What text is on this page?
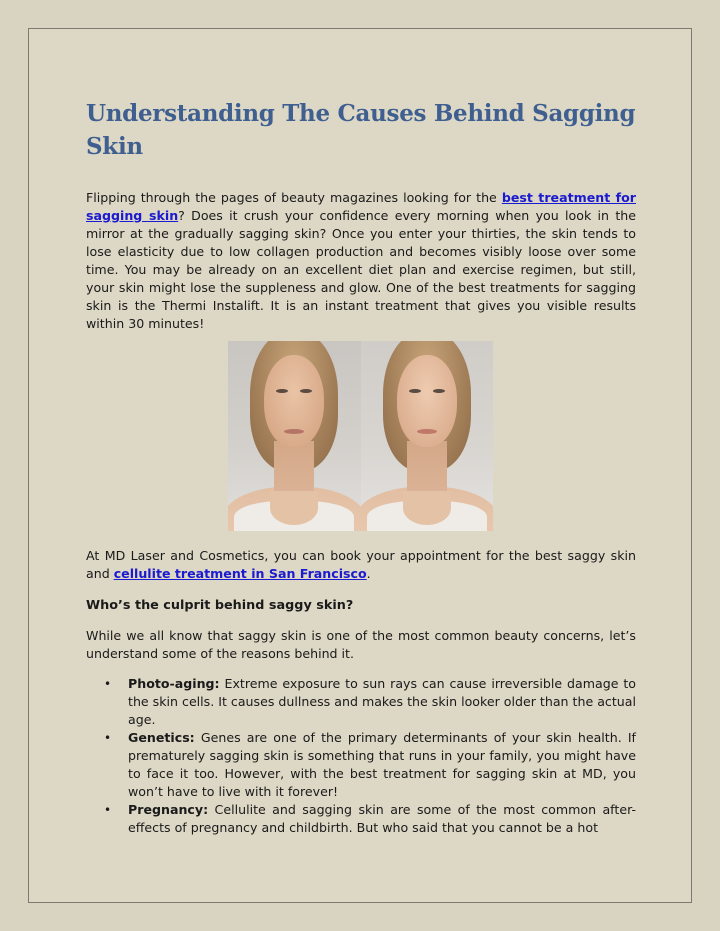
Understanding The Causes Behind Sagging Skin

Flipping through the pages of beauty magazines looking for the best treatment for sagging skin? Does it crush your confidence every morning when you look in the mirror at the gradually sagging skin? Once you enter your thirties, the skin tends to lose elasticity due to low collagen production and becomes visibly loose over some time. You may be already on an excellent diet plan and exercise regimen, but still, your skin might lose the suppleness and glow. One of the best treatments for sagging skin is the Thermi Instalift. It is an instant treatment that gives you visible results within 30 minutes!

At MD Laser and Cosmetics, you can book your appointment for the best saggy skin and cellulite treatment in San Francisco.

Who’s the culprit behind saggy skin?

While we all know that saggy skin is one of the most common beauty concerns, let’s understand some of the reasons behind it.

• Photo-aging: Extreme exposure to sun rays can cause irreversible damage to the skin cells. It causes dullness and makes the skin looker older than the actual age.
• Genetics: Genes are one of the primary determinants of your skin health. If prematurely sagging skin is something that runs in your family, you might have to face it too. However, with the best treatment for sagging skin at MD, you won’t have to live with it forever!
• Pregnancy: Cellulite and sagging skin are some of the most common after-effects of pregnancy and childbirth. But who said that you cannot be a hot
